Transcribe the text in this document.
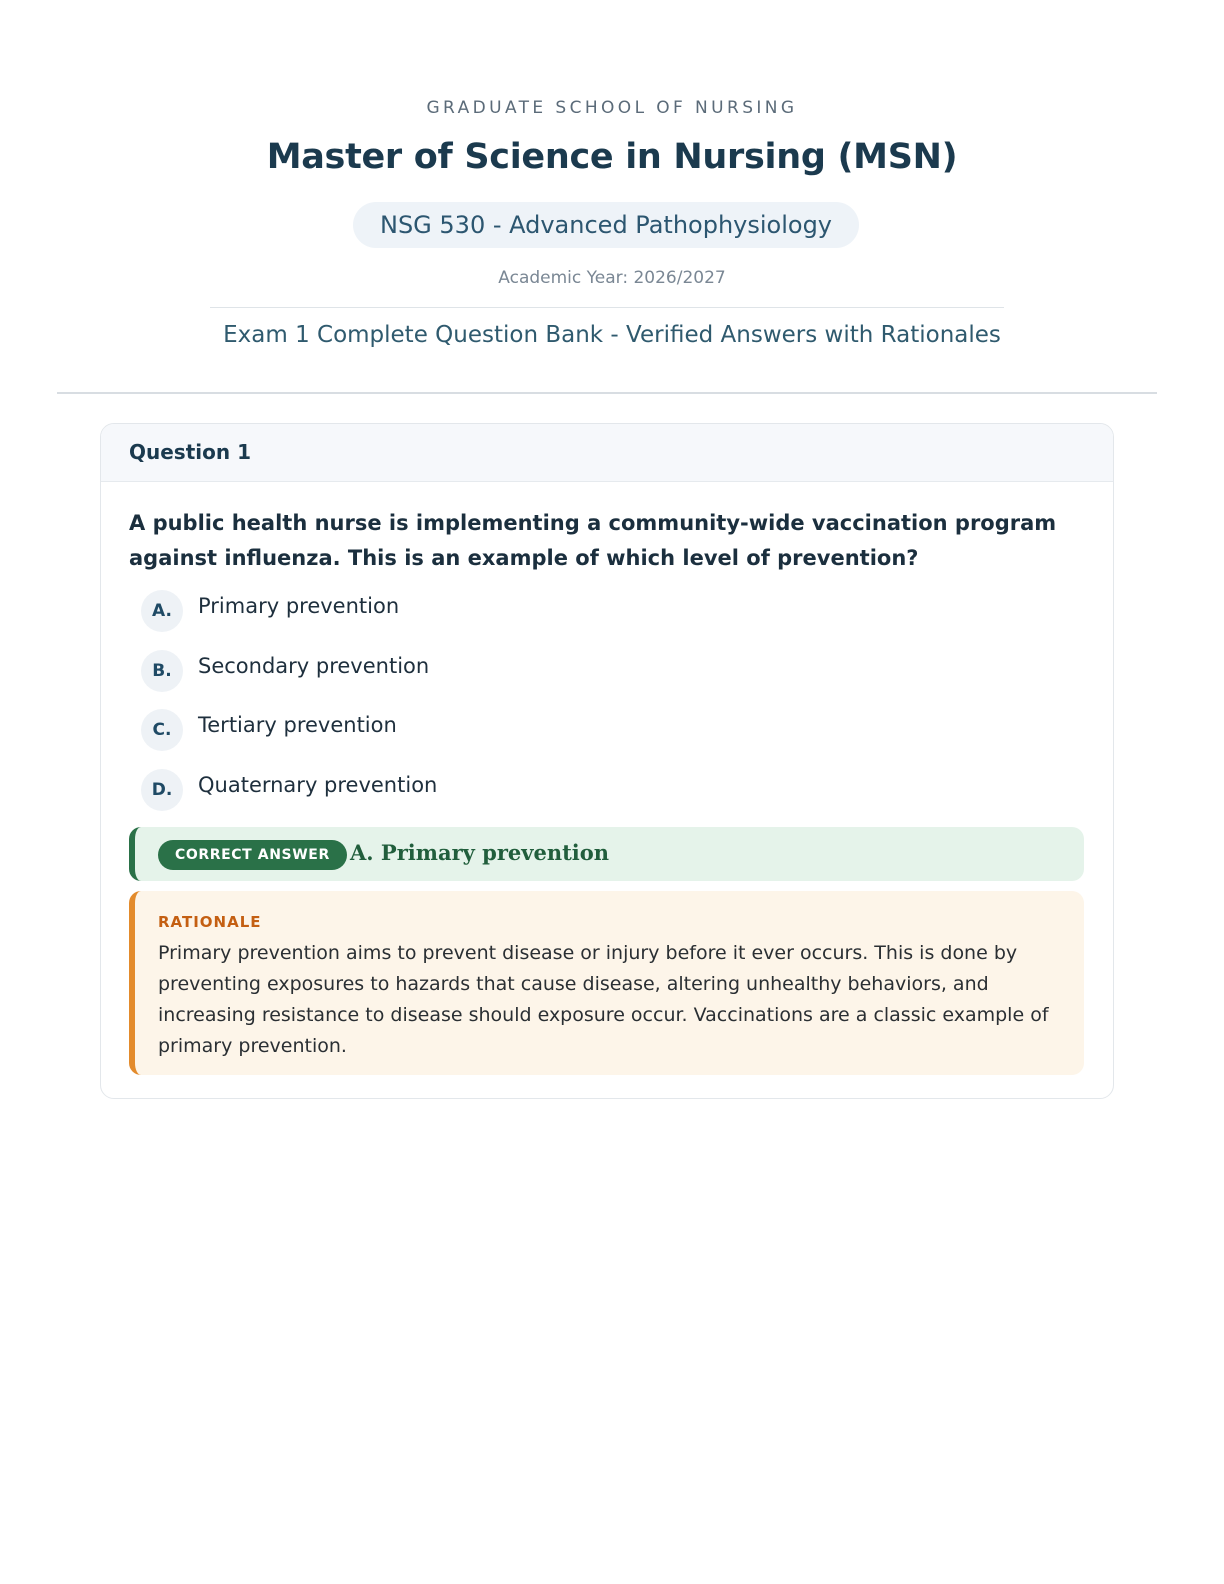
GRADUATE SCHOOL OF NURSING
Master of Science in Nursing (MSN)
NSG 530 - Advanced Pathophysiology
Academic Year: 2026/2027
Exam 1 Complete Question Bank - Verified Answers with Rationales
Question 1
A public health nurse is implementing a community-wide vaccination program against influenza. This is an example of which level of prevention?
A.	Primary prevention
B.	Secondary prevention
C.	Tertiary prevention
D.	Quaternary prevention
CORRECT ANSWER A. Primary prevention
RATIONALE
Primary prevention aims to prevent disease or injury before it ever occurs. This is done by preventing exposures to hazards that cause disease, altering unhealthy behaviors, and increasing resistance to disease should exposure occur. Vaccinations are a classic example of primary prevention.
